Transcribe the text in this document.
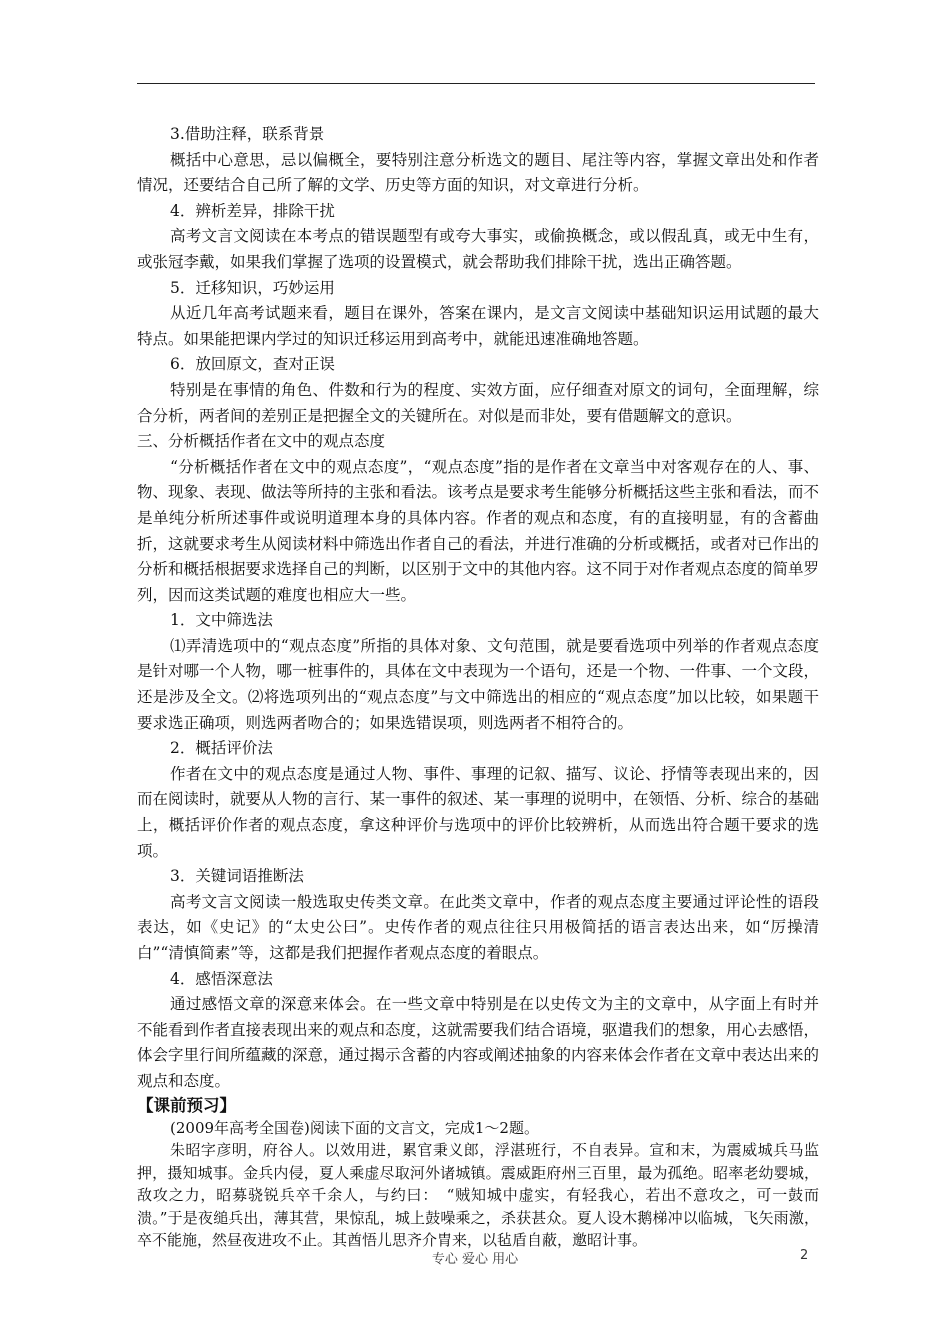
3.借助注释，联系背景

概括中心意思，忌以偏概全，要特别注意分析选文的题目、尾注等内容，掌握文章出处和作者情况，还要结合自己所了解的文学、历史等方面的知识，对文章进行分析。

4．辨析差异，排除干扰

高考文言文阅读在本考点的错误题型有或夸大事实，或偷换概念，或以假乱真，或无中生有，或张冠李戴，如果我们掌握了选项的设置模式，就会帮助我们排除干扰，选出正确答题。

5．迁移知识，巧妙运用

从近几年高考试题来看，题目在课外，答案在课内，是文言文阅读中基础知识运用试题的最大特点。如果能把课内学过的知识迁移运用到高考中，就能迅速准确地答题。

6．放回原文，查对正误

特别是在事情的角色、件数和行为的程度、实效方面，应仔细查对原文的词句，全面理解，综合分析，两者间的差别正是把握全文的关键所在。对似是而非处，要有借题解文的意识。

三、分析概括作者在文中的观点态度

“分析概括作者在文中的观点态度”，“观点态度”指的是作者在文章当中对客观存在的人、事、物、现象、表现、做法等所持的主张和看法。该考点是要求考生能够分析概括这些主张和看法，而不是单纯分析所述事件或说明道理本身的具体内容。作者的观点和态度，有的直接明显，有的含蓄曲折，这就要求考生从阅读材料中筛选出作者自己的看法，并进行准确的分析或概括，或者对已作出的分析和概括根据要求选择自己的判断，以区别于文中的其他内容。这不同于对作者观点态度的简单罗列，因而这类试题的难度也相应大一些。

1．文中筛选法

⑴弄清选项中的“观点态度”所指的具体对象、文句范围，就是要看选项中列举的作者观点态度是针对哪一个人物，哪一桩事件的，具体在文中表现为一个语句，还是一个物、一件事、一个文段，还是涉及全文。⑵将选项列出的“观点态度”与文中筛选出的相应的“观点态度”加以比较，如果题干要求选正确项，则选两者吻合的；如果选错误项，则选两者不相符合的。

2．概括评价法

作者在文中的观点态度是通过人物、事件、事理的记叙、描写、议论、抒情等表现出来的，因而在阅读时，就要从人物的言行、某一事件的叙述、某一事理的说明中，在领悟、分析、综合的基础上，概括评价作者的观点态度，拿这种评价与选项中的评价比较辨析，从而选出符合题干要求的选项。

3．关键词语推断法

高考文言文阅读一般选取史传类文章。在此类文章中，作者的观点态度主要通过评论性的语段表达，如《史记》的“太史公曰”。史传作者的观点往往只用极简括的语言表达出来，如“厉操清白”“清慎简素”等，这都是我们把握作者观点态度的着眼点。

4．感悟深意法

通过感悟文章的深意来体会。在一些文章中特别是在以史传文为主的文章中，从字面上有时并不能看到作者直接表现出来的观点和态度，这就需要我们结合语境，驱遣我们的想象，用心去感悟，体会字里行间所蕴藏的深意，通过揭示含蓄的内容或阐述抽象的内容来体会作者在文章中表达出来的观点和态度。

【课前预习】

(2009年高考全国卷)阅读下面的文言文，完成1～2题。

朱昭字彦明，府谷人。以效用进，累官秉义郎，浮湛班行，不自表异。宣和末，为震威城兵马监押，摄知城事。金兵内侵，夏人乘虚尽取河外诸城镇。震威距府州三百里，最为孤绝。昭率老幼婴城，敌攻之力，昭募骁锐兵卒千余人，与约曰：　“贼知城中虚实，有轻我心，若出不意攻之，可一鼓而溃。”于是夜缒兵出，薄其营，果惊乱，城上鼓噪乘之，杀获甚众。夏人设木鹅梯冲以临城，飞矢雨激，卒不能施，然昼夜进攻不止。其酋悟儿思齐介胄来，以毡盾自蔽，邀昭计事。

专心 爱心 用心	2
